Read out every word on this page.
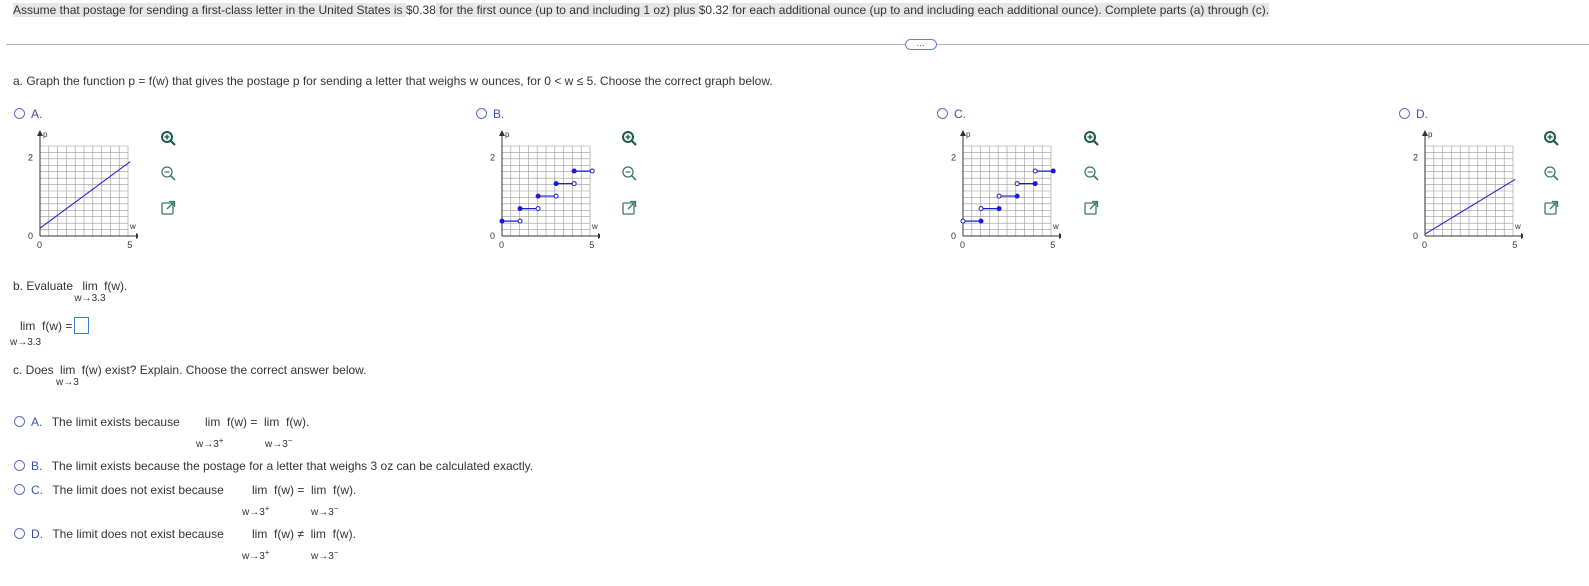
Assume that postage for sending a first-class letter in the United States is $0.38 for the first ounce (up to and including 1 oz) plus $0.32 for each additional ounce (up to and including each additional ounce). Complete parts (a) through (c).
…
a. Graph the function p = f(w) that gives the postage p for sending a letter that weighs w ounces, for 0 < w ≤ 5. Choose the correct graph below.
A.	B.	C.	D.
p
w
2
0
0	5
p
w
2
0
0	5
p
w
2
0
0	5
p
w
2
0
0	5
b. Evaluate lim
w→3.3
f(w).
lim  f(w) =
w→3.3
c. Does lim
w→3
f(w) exist? Explain. Choose the correct answer below.
A. The limit exists because lim  f(w) =  lim  f(w).
w→3+	w→3−
B. The limit exists because the postage for a letter that weighs 3 oz can be calculated exactly.
C. The limit does not exist because lim  f(w) =  lim  f(w).
w→3+	w→3−
D. The limit does not exist because lim  f(w) ≠  lim  f(w).
w→3+	w→3−
